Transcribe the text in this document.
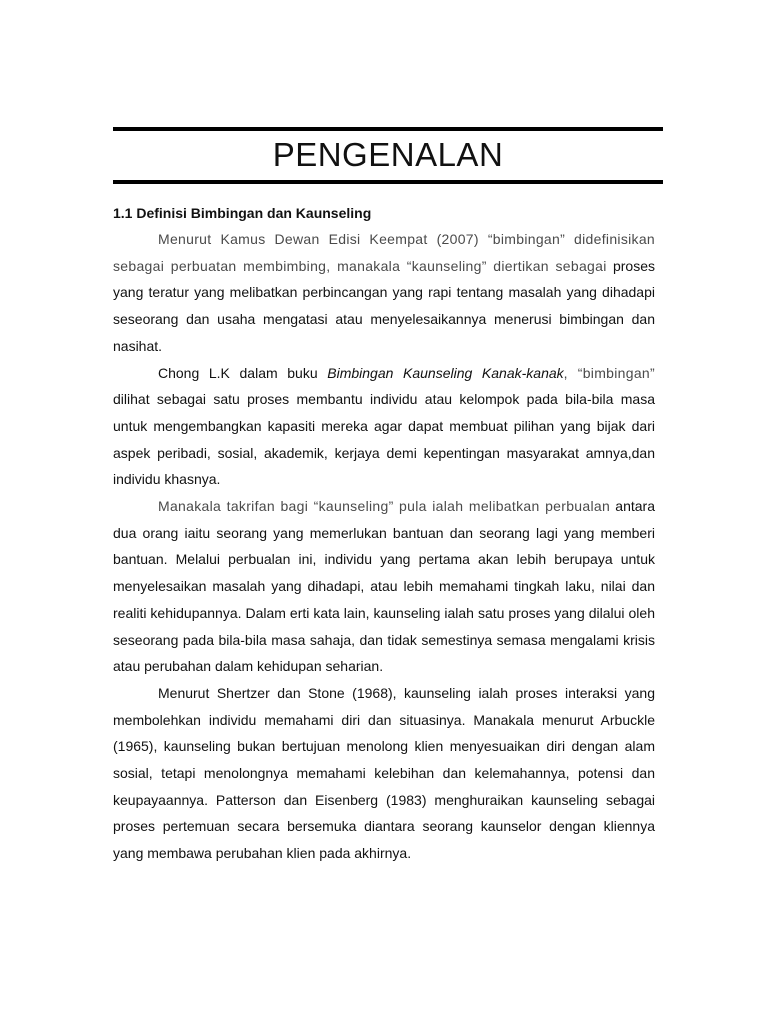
PENGENALAN
1.1 Definisi Bimbingan dan Kaunseling

Menurut Kamus Dewan Edisi Keempat (2007) “bimbingan” didefinisikan sebagai perbuatan membimbing, manakala “kaunseling” diertikan sebagai proses yang teratur yang melibatkan perbincangan yang rapi tentang masalah yang dihadapi seseorang dan usaha mengatasi atau menyelesaikannya menerusi bimbingan dan nasihat.

Chong L.K dalam buku Bimbingan Kaunseling Kanak-kanak, “bimbingan” dilihat sebagai satu proses membantu individu atau kelompok pada bila-bila masa untuk mengembangkan kapasiti mereka agar dapat membuat pilihan yang bijak dari aspek peribadi, sosial, akademik, kerjaya demi kepentingan masyarakat amnya,dan individu khasnya.

Manakala takrifan bagi “kaunseling” pula ialah melibatkan perbualan antara dua orang iaitu seorang yang memerlukan bantuan dan seorang lagi yang memberi bantuan. Melalui perbualan ini, individu yang pertama akan lebih berupaya untuk menyelesaikan masalah yang dihadapi, atau lebih memahami tingkah laku, nilai dan realiti kehidupannya. Dalam erti kata lain, kaunseling ialah satu proses yang dilalui oleh seseorang pada bila-bila masa sahaja, dan tidak semestinya semasa mengalami krisis atau perubahan dalam kehidupan seharian.

Menurut Shertzer dan Stone (1968), kaunseling ialah proses interaksi yang membolehkan individu memahami diri dan situasinya. Manakala menurut Arbuckle (1965), kaunseling bukan bertujuan menolong klien menyesuaikan diri dengan alam sosial, tetapi menolongnya memahami kelebihan dan kelemahannya, potensi dan keupayaannya. Patterson dan Eisenberg (1983) menghuraikan kaunseling sebagai proses pertemuan secara bersemuka diantara seorang kaunselor dengan kliennya yang membawa perubahan klien pada akhirnya.
